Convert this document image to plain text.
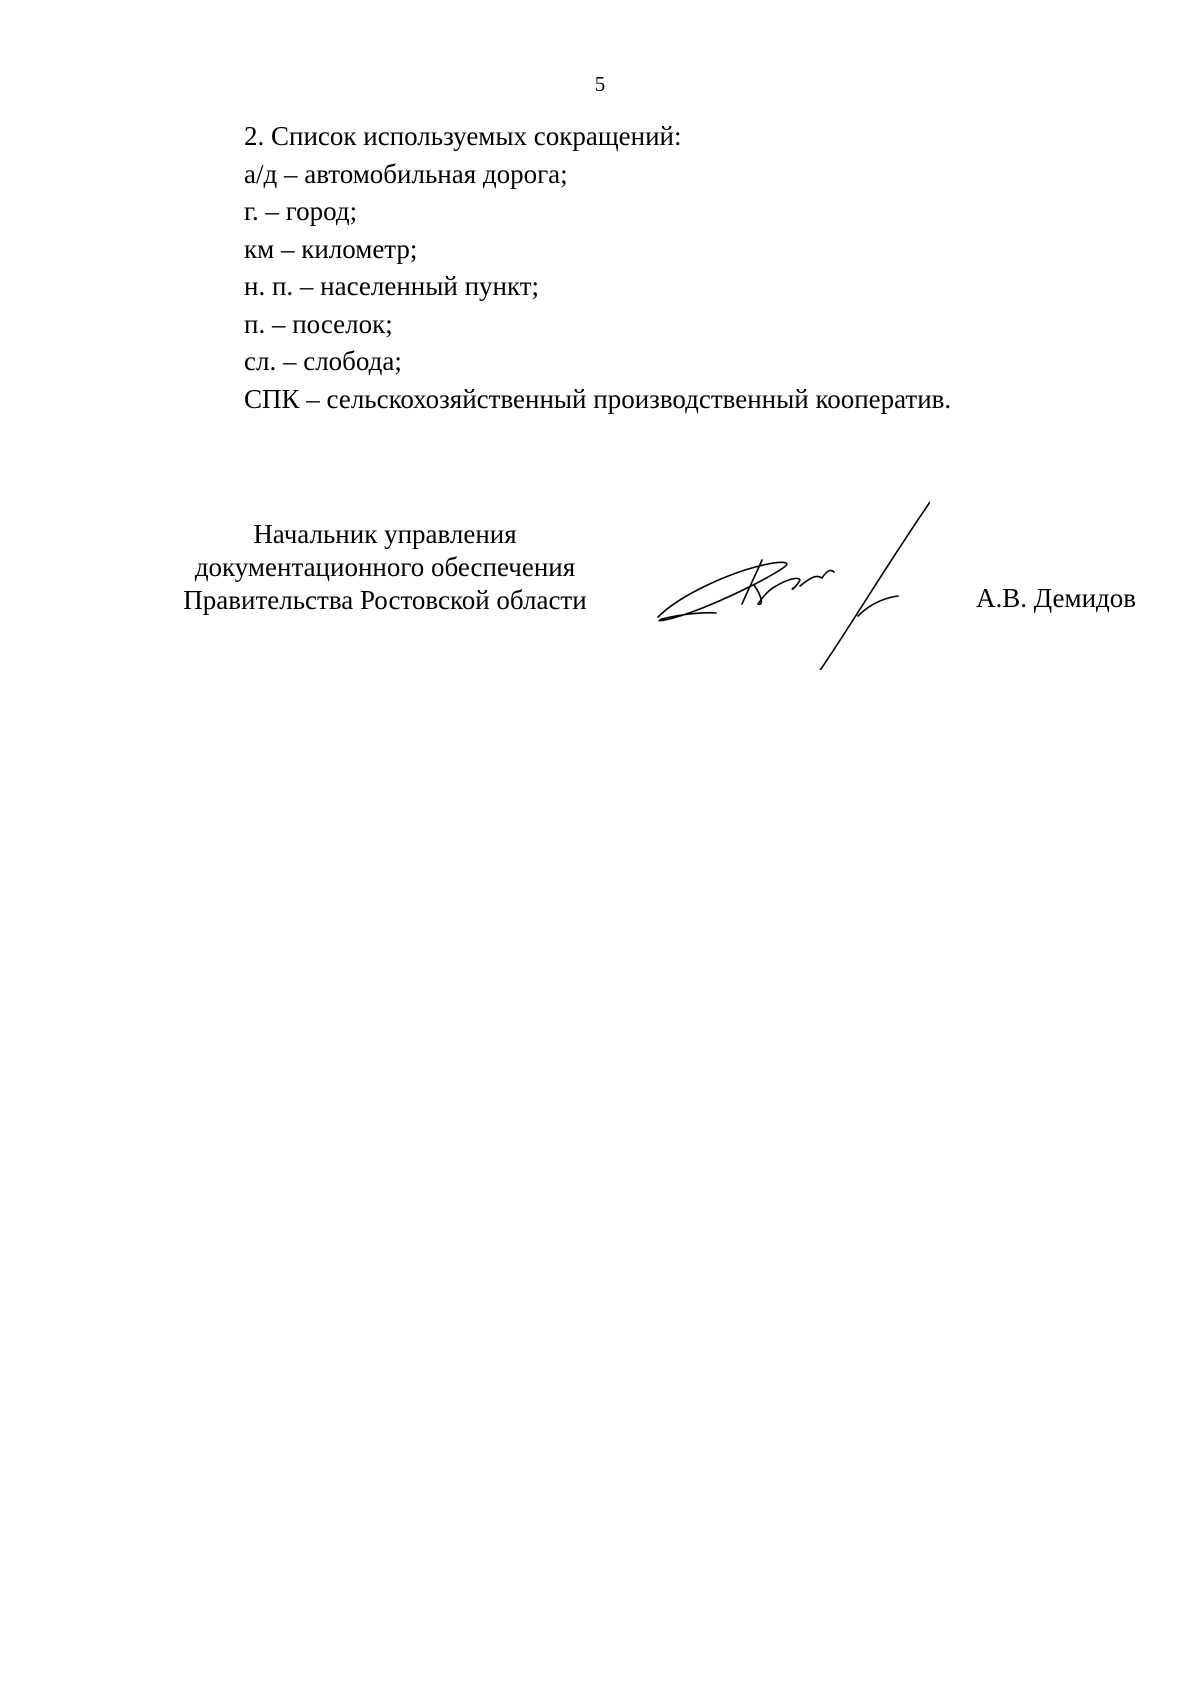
5
2. Список используемых сокращений:
а/д – автомобильная дорога;
г. – город;
км – километр;
н. п. – населенный пункт;
п. – поселок;
сл. – слобода;
СПК – сельскохозяйственный производственный кооператив.
Начальник управления
документационного обеспечения
Правительства Ростовской области	А.В. Демидов
